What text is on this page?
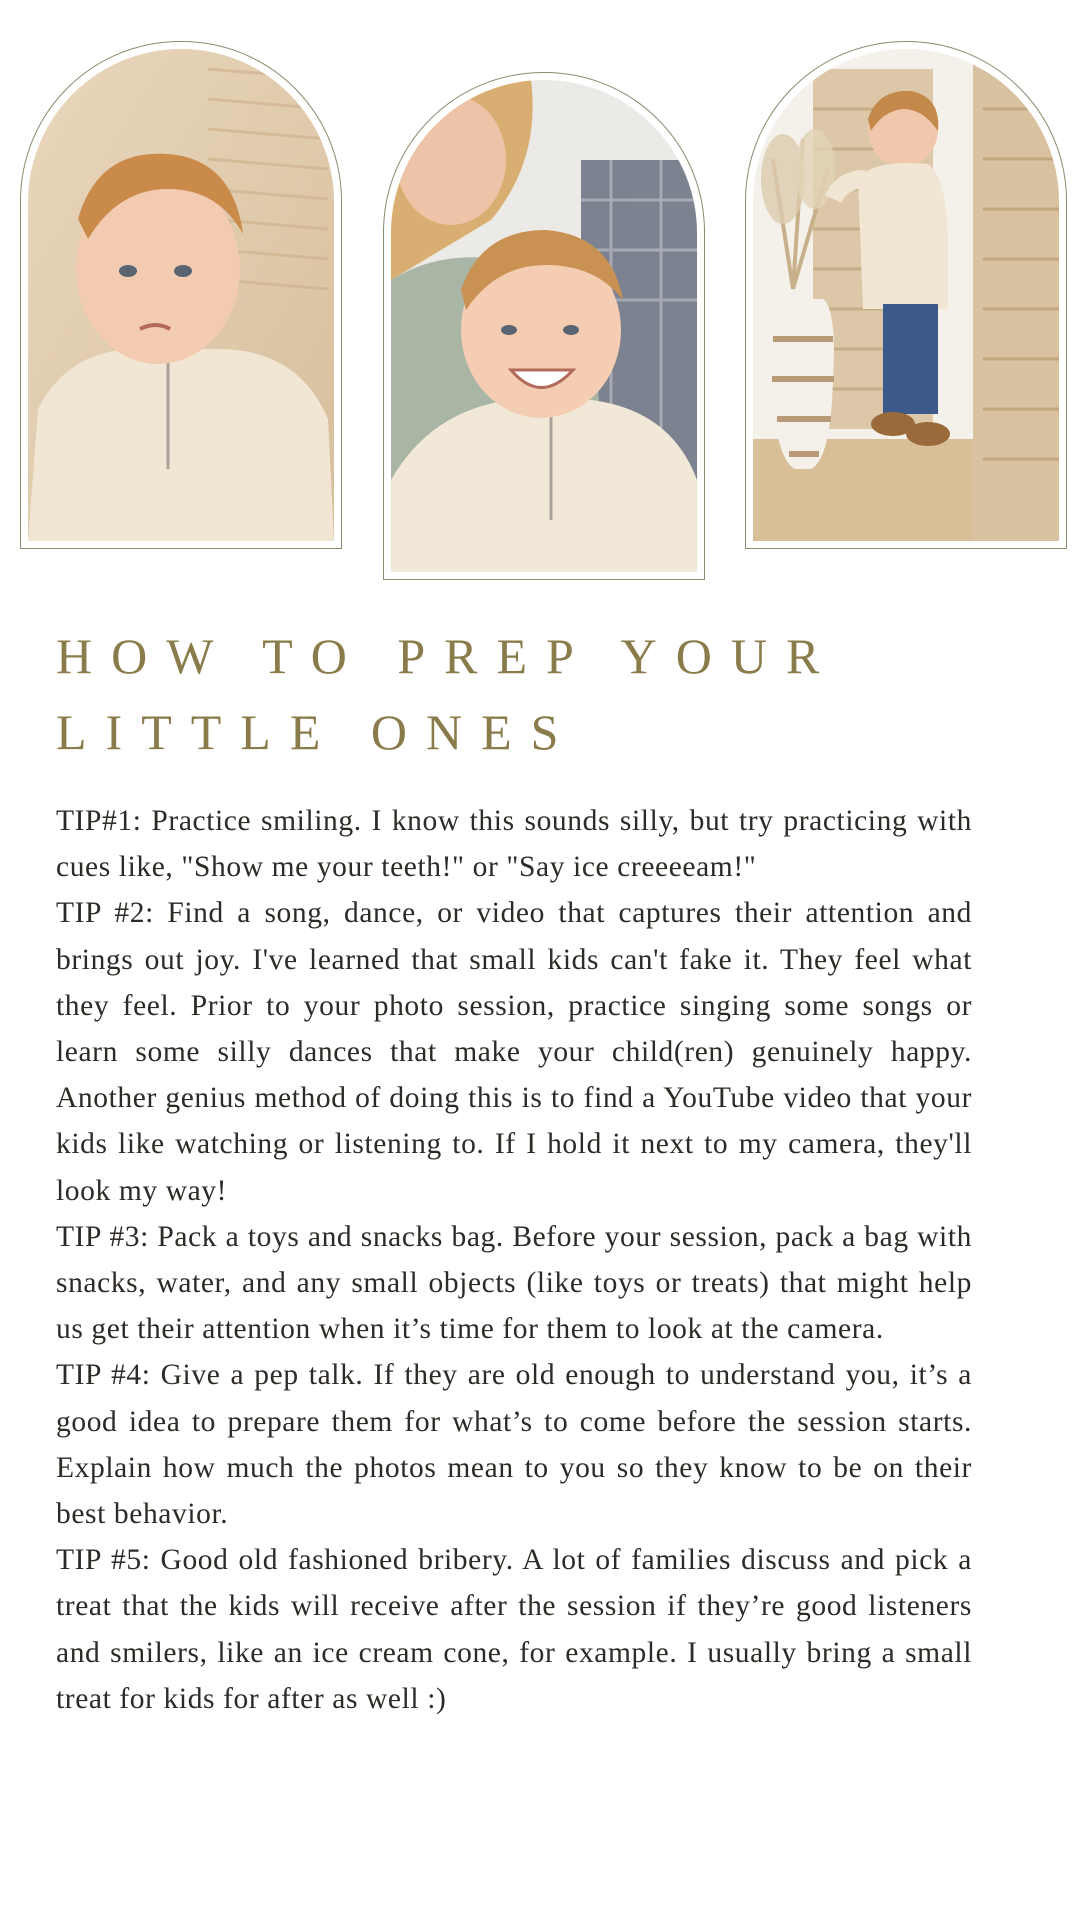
HOW TO PREP YOUR
LITTLE ONES

TIP#1: Practice smiling. I know this sounds silly, but try practicing with cues like, "Show me your teeth!" or "Say ice creeeeam!"

TIP #2: Find a song, dance, or video that captures their attention and brings out joy. I've learned that small kids can't fake it. They feel what they feel. Prior to your photo session, practice singing some songs or learn some silly dances that make your child(ren) genuinely happy. Another genius method of doing this is to find a YouTube video that your kids like watching or listening to. If I hold it next to my camera, they'll look my way!

TIP #3: Pack a toys and snacks bag. Before your session, pack a bag with snacks, water, and any small objects (like toys or treats) that might help us get their attention when it’s time for them to look at the camera.

TIP #4: Give a pep talk. If they are old enough to understand you, it’s a good idea to prepare them for what’s to come before the session starts. Explain how much the photos mean to you so they know to be on their best behavior.

TIP #5: Good old fashioned bribery. A lot of families discuss and pick a treat that the kids will receive after the session if they’re good listeners and smilers, like an ice cream cone, for example. I usually bring a small treat for kids for after as well :)
